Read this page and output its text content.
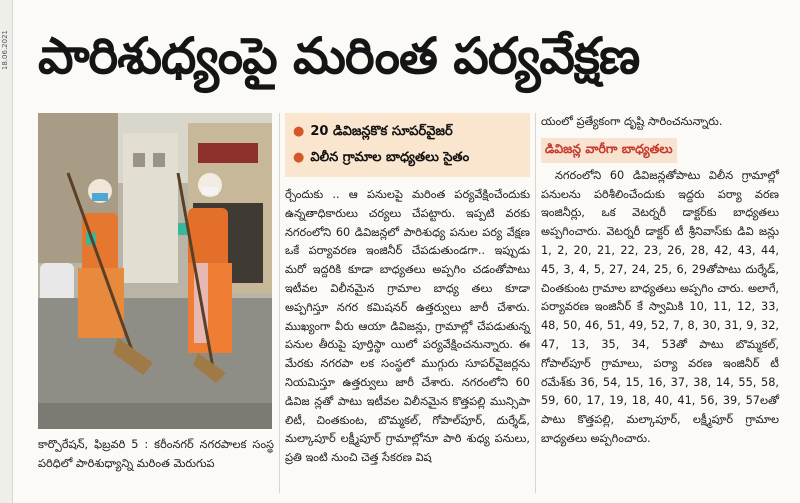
18.06.2021 పారిశుధ్యంపై మరింత పర్యవేక్షణ
కార్పొరేషన్, ఫిబ్రవరి 5 : కరీంనగర్ నగరపాలక సంస్థ పరిధిలో పారిశుధ్యాన్ని మరింత మెరుగుప
● 20 డివిజన్లకొక సూపర్‌వైజర్
● విలీన గ్రామాల బాధ్యతలు సైతం
ర్చేందుకు .. ఆ పనులపై మరింత పర్యవేక్షించేందుకు ఉన్నతాధికారులు చర్యలు చేపట్టారు. ఇప్పటి వరకు నగరంలోని 60 డివిజన్లలో పారిశుధ్య పనుల పర్య వేక్షణ ఒకే పర్యావరణ ఇంజినీర్ చేపడుతుండగా.. ఇప్పుడు మరో ఇద్దరికి కూడా బాధ్యతలు అప్పగిం చడంతోపాటు ఇటీవల విలీనమైన గ్రామాల బాధ్య తలు కూడా అప్పగిస్తూ నగర కమిషనర్ ఉత్తర్వులు జారీ చేశారు. ముఖ్యంగా వీరు ఆయా డివిజన్లు, గ్రామాల్లో చేపడుతున్న పనుల తీరుపై పూర్తిస్థా యిలో పర్యవేక్షించనున్నారు. ఈ మేరకు నగరపా లక సంస్థలో ముగ్గురు సూపర్‌వైజర్లను నియమిస్తూ ఉత్తర్వులు జారీ చేశారు. నగరంలోని 60 డివిజ న్లతో పాటు ఇటీవల విలీనమైన కొత్తపల్లి మున్సిపా లిటీ, చింతకుంట, బొమ్మకల్, గోపాల్‌పూర్, దుర్శేడ్, మల్కాపూర్ లక్ష్మీపూర్ గ్రామాల్లోనూ పారి శుధ్య పనులు, ప్రతి ఇంటి నుంచి చెత్త సేకరణ విష
యంలో ప్రత్యేకంగా దృష్టి సారించనున్నారు.
డివిజన్ల వారీగా బాధ్యతలు
నగరంలోని 60 డివిజన్లతోపాటు విలీన గ్రామాల్లో పనులను పరిశీలించేందుకు ఇద్దరు పర్యా వరణ ఇంజినీర్లు, ఒక వెటర్నరీ డాక్టర్‌కు బాధ్యతలు అప్పగించారు. వెటర్నరీ డాక్టర్ టీ శ్రీనివాస్‌కు డివి జన్లు 1, 2, 20, 21, 22, 23, 26, 28, 42, 43, 44, 45, 3, 4, 5, 27, 24, 25, 6, 29తోపాటు దుర్శేడ్, చింతకుంట గ్రామాల బాధ్యతలు అప్పగిం చారు. అలాగే, పర్యావరణ ఇంజినీర్ కే స్వామికి 10, 11, 12, 33, 48, 50, 46, 51, 49, 52, 7, 8, 30, 31, 9, 32, 47, 13, 35, 34, 53తో పాటు బొమ్మకల్, గోపాల్‌పూర్ గ్రామాలు, పర్యా వరణ ఇంజినీర్ టీ రమేశ్‌కు 36, 54, 15, 16, 37, 38, 14, 55, 58, 59, 60, 17, 19, 18, 40, 41, 56, 39, 57లతో పాటు కొత్తపల్లి, మల్కాపూర్, లక్ష్మీపూర్ గ్రామాల బాధ్యతలు అప్పగించారు.
